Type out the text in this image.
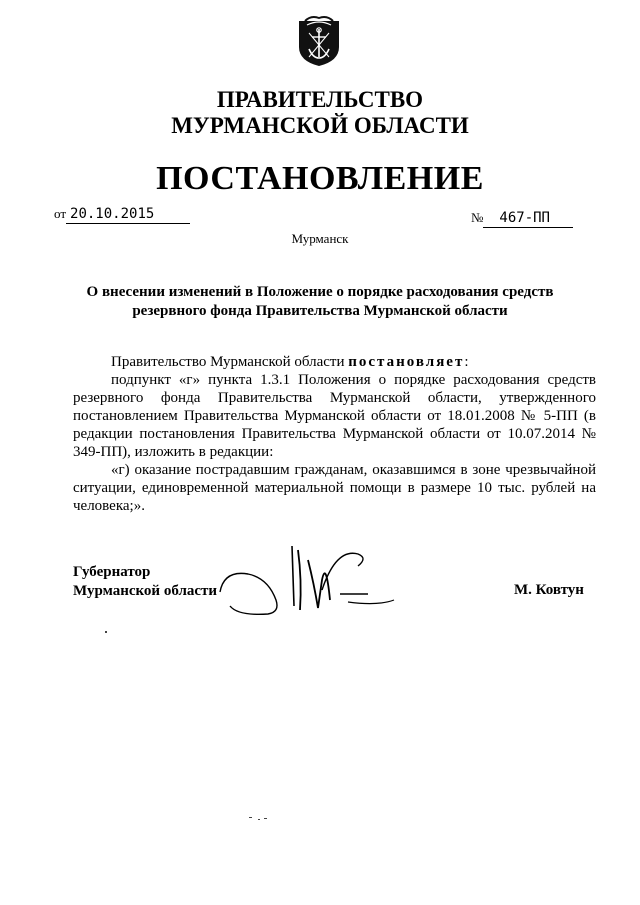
ПРАВИТЕЛЬСТВО
МУРМАНСКОЙ ОБЛАСТИ
ПОСТАНОВЛЕНИЕ
от 20.10.2015	№ 467-ПП
Мурманск
О внесении изменений в Положение о порядке расходования средств
резервного фонда Правительства Мурманской области

Правительство Мурманской области постановляет:

подпункт «г» пункта 1.3.1 Положения о порядке расходования средств резервного фонда Правительства Мурманской области, утвержденного постановлением Правительства Мурманской области от 18.01.2008 № 5-ПП (в редакции постановления Правительства Мурманской области от 10.07.2014 № 349-ПП), изложить в редакции:

«г) оказание пострадавшим гражданам, оказавшимся в зоне чрезвычайной ситуации, единовременной материальной помощи в размере 10 тыс. рублей на человека;».

Губернатор
Мурманской области	М. Ковтун
